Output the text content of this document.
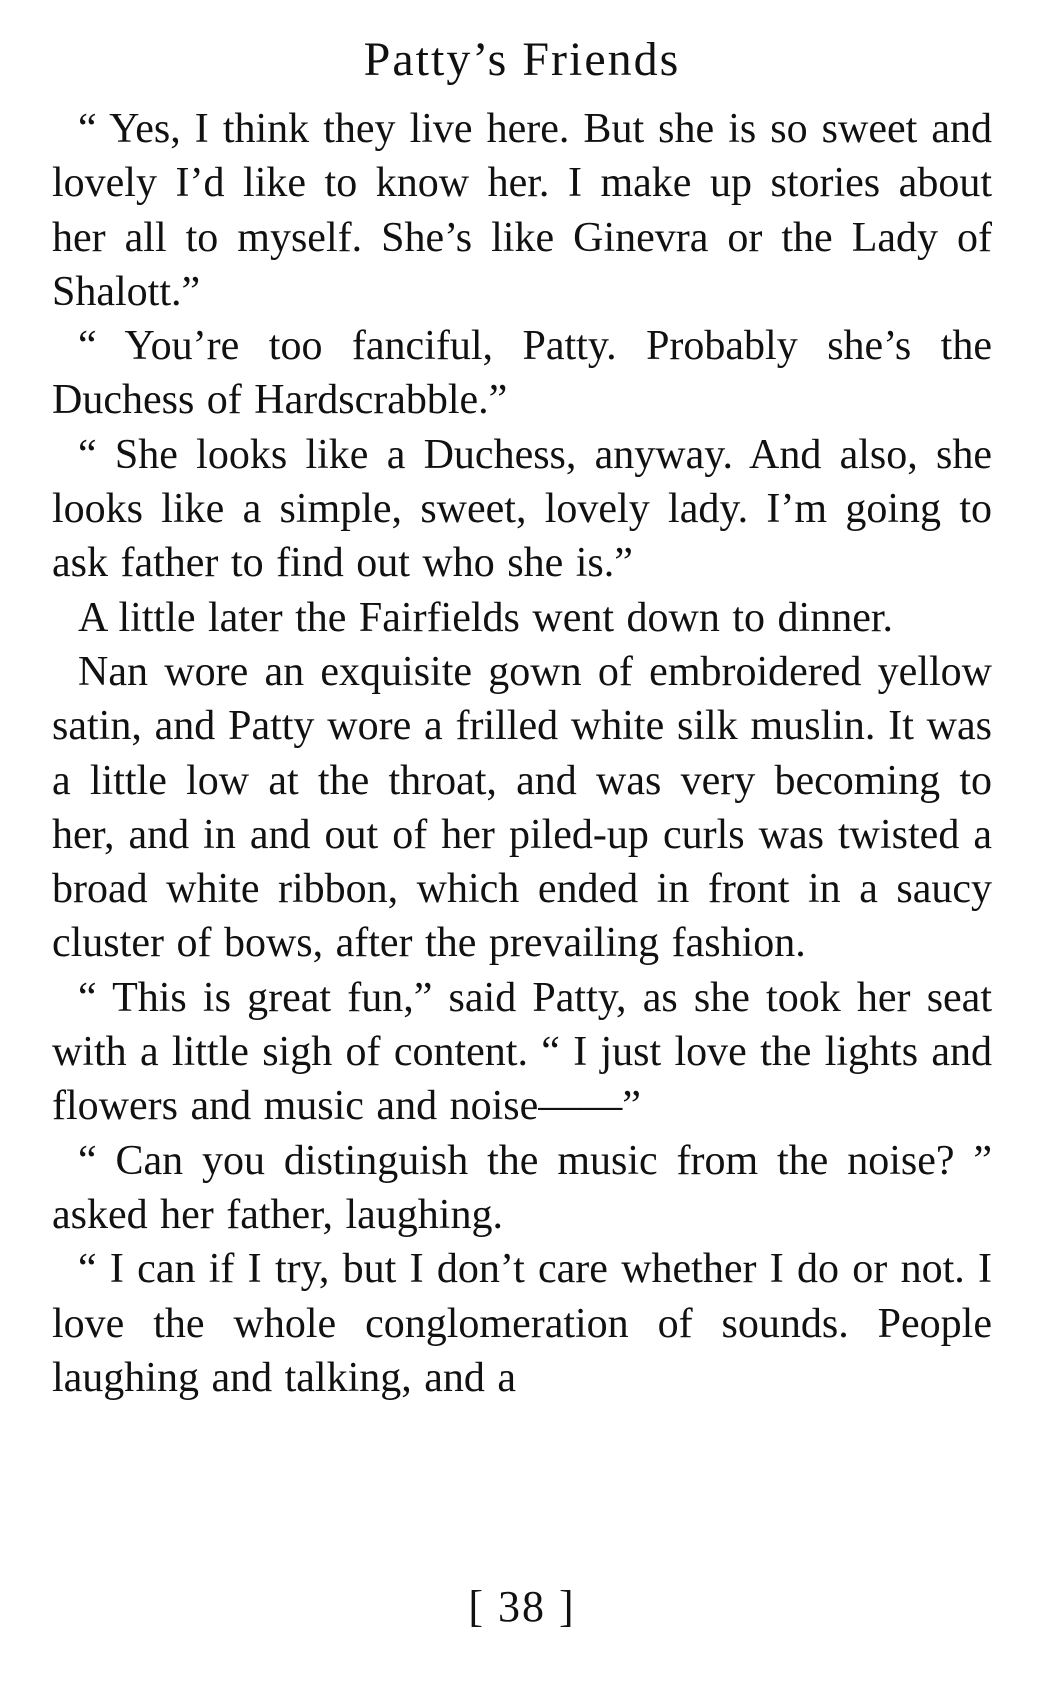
Patty’s Friends

“ Yes, I think they live here. But she is so sweet and lovely I’d like to know her. I make up stories about her all to myself. She’s like Ginevra or the Lady of Shalott.”

“ You’re too fanciful, Patty. Probably she’s the Duchess of Hardscrabble.”

“ She looks like a Duchess, anyway. And also, she looks like a simple, sweet, lovely lady. I’m going to ask father to find out who she is.”

A little later the Fairfields went down to dinner.

Nan wore an exquisite gown of embroidered yellow satin, and Patty wore a frilled white silk muslin. It was a little low at the throat, and was very becoming to her, and in and out of her piled-up curls was twisted a broad white ribbon, which ended in front in a saucy cluster of bows, after the prevailing fashion.

“ This is great fun,” said Patty, as she took her seat with a little sigh of content. “ I just love the lights and flowers and music and noise——”

“ Can you distinguish the music from the noise? ” asked her father, laughing.

“ I can if I try, but I don’t care whether I do or not. I love the whole conglomeration of sounds. People laughing and talking, and a

[ 38 ]
